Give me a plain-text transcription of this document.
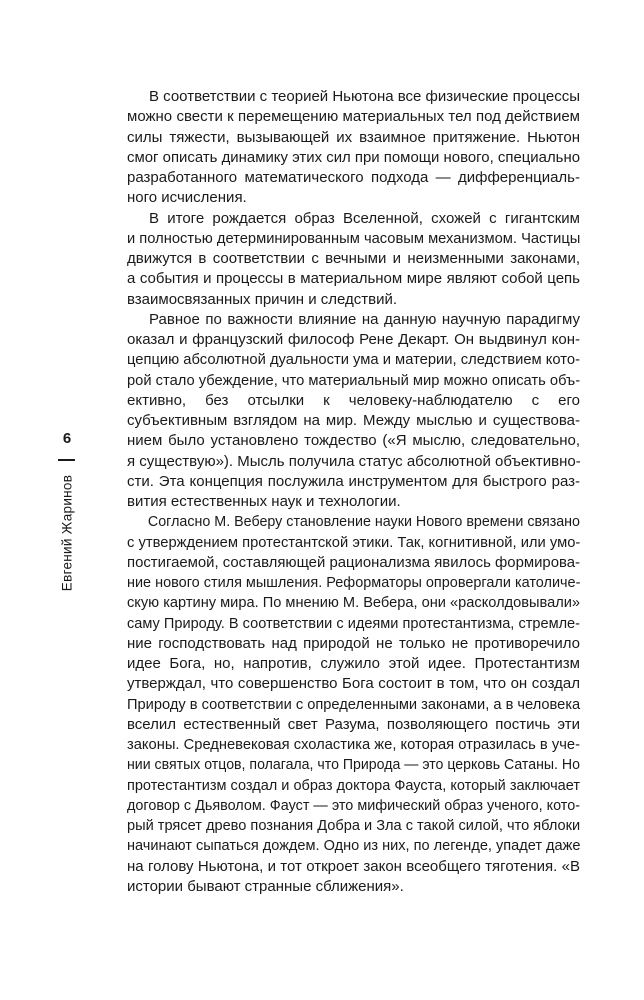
6
Евгений Жаринов
В соответствии с теорией Ньютона все физические процессы
можно свести к перемещению материальных тел под действием
силы тяжести, вызывающей их взаимное притяжение. Ньютон
смог описать динамику этих сил при помощи нового, специально
разработанного математического подхода — дифференциаль-
ного исчисления.
В итоге рождается образ Вселенной, схожей с гигантским
и полностью детерминированным часовым механизмом. Частицы
движутся в соответствии с вечными и неизменными законами,
а события и процессы в материальном мире являют собой цепь
взаимосвязанных причин и следствий.
Равное по важности влияние на данную научную парадигму
оказал и французский философ Рене Декарт. Он выдвинул кон-
цепцию абсолютной дуальности ума и материи, следствием кото-
рой стало убеждение, что материальный мир можно описать объ-
ективно, без отсылки к человеку-наблюдателю с его
субъективным взглядом на мир. Между мыслью и существова-
нием было установлено тождество («Я мыслю, следовательно,
я существую»). Мысль получила статус абсолютной объективно-
сти. Эта концепция послужила инструментом для быстрого раз-
вития естественных наук и технологии.
Согласно М. Веберу становление науки Нового времени связано
с утверждением протестантской этики. Так, когнитивной, или умо-
постигаемой, составляющей рационализма явилось формирова-
ние нового стиля мышления. Реформаторы опровергали католиче-
скую картину мира. По мнению М. Вебера, они «расколдовывали»
саму Природу. В соответствии с идеями протестантизма, стремле-
ние господствовать над природой не только не противоречило
идее Бога, но, напротив, служило этой идее. Протестантизм
утверждал, что совершенство Бога состоит в том, что он создал
Природу в соответствии с определенными законами, а в человека
вселил естественный свет Разума, позволяющего постичь эти
законы. Средневековая схоластика же, которая отразилась в уче-
нии святых отцов, полагала, что Природа — это церковь Сатаны. Но
протестантизм создал и образ доктора Фауста, который заключает
договор с Дьяволом. Фауст — это мифический образ ученого, кото-
рый трясет древо познания Добра и Зла с такой силой, что яблоки
начинают сыпаться дождем. Одно из них, по легенде, упадет даже
на голову Ньютона, и тот откроет закон всеобщего тяготения. «В
истории бывают странные сближения».
